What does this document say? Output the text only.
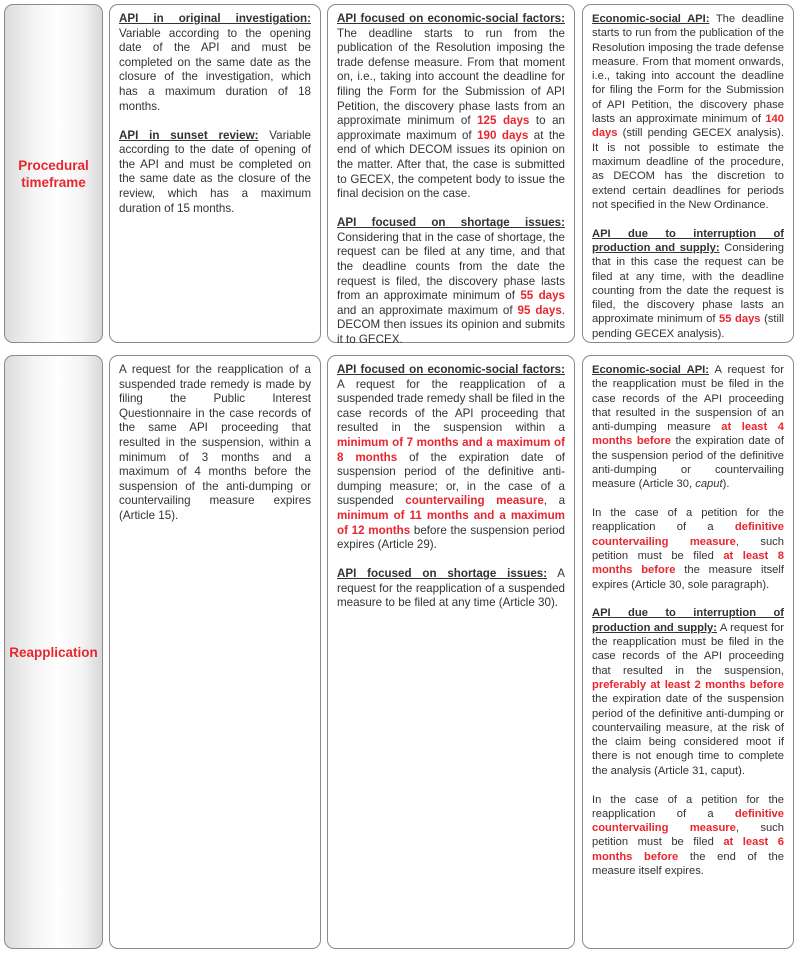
Procedural timeframe

API in original investigation: Variable according to the opening date of the API and must be completed on the same date as the closure of the investigation, which has a maximum duration of 18 months.

API in sunset review: Variable according to the date of opening of the API and must be completed on the same date as the closure of the review, which has a maximum duration of 15 months.

API focused on economic-social factors: The deadline starts to run from the publication of the Resolution imposing the trade defense measure. From that moment on, i.e., taking into account the deadline for filing the Form for the Submission of API Petition, the discovery phase lasts from an approximate minimum of 125 days to an approximate maximum of 190 days at the end of which DECOM issues its opinion on the matter. After that, the case is submitted to GECEX, the competent body to issue the final decision on the case.

API focused on shortage issues: Considering that in the case of shortage, the request can be filed at any time, and that the deadline counts from the date the request is filed, the discovery phase lasts from an approximate minimum of 55 days and an approximate maximum of 95 days. DECOM then issues its opinion and submits it to GECEX.

Economic-social API: The deadline starts to run from the publication of the Resolution imposing the trade defense measure. From that moment onwards, i.e., taking into account the deadline for filing the Form for the Submission of API Petition, the discovery phase lasts an approximate minimum of 140 days (still pending GECEX analysis). It is not possible to estimate the maximum deadline of the procedure, as DECOM has the discretion to extend certain deadlines for periods not specified in the New Ordinance.

API due to interruption of production and supply: Considering that in this case the request can be filed at any time, with the deadline counting from the date the request is filed, the discovery phase lasts an approximate minimum of 55 days (still pending GECEX analysis).

Reapplication

A request for the reapplication of a suspended trade remedy is made by filing the Public Interest Questionnaire in the case records of the same API proceeding that resulted in the suspension, within a minimum of 3 months and a maximum of 4 months before the suspension of the anti-dumping or countervailing measure expires (Article 15).

API focused on economic-social factors: A request for the reapplication of a suspended trade remedy shall be filed in the case records of the API proceeding that resulted in the suspension within a minimum of 7 months and a maximum of 8 months of the expiration date of suspension period of the definitive anti-dumping measure; or, in the case of a suspended countervailing measure, a minimum of 11 months and a maximum of 12 months before the suspension period expires (Article 29).

API focused on shortage issues: A request for the reapplication of a suspended measure to be filed at any time (Article 30).

Economic-social API: A request for the reapplication must be filed in the case records of the API proceeding that resulted in the suspension of an anti-dumping measure at least 4 months before the expiration date of the suspension period of the definitive anti-dumping or countervailing measure (Article 30, caput).

In the case of a petition for the reapplication of a definitive countervailing measure, such petition must be filed at least 8 months before the measure itself expires (Article 30, sole paragraph).

API due to interruption of production and supply: A request for the reapplication must be filed in the case records of the API proceeding that resulted in the suspension, preferably at least 2 months before the expiration date of the suspension period of the definitive anti-dumping or countervailing measure, at the risk of the claim being considered moot if there is not enough time to complete the analysis (Article 31, caput).

In the case of a petition for the reapplication of a definitive countervailing measure, such petition must be filed at least 6 months before the end of the measure itself expires.
